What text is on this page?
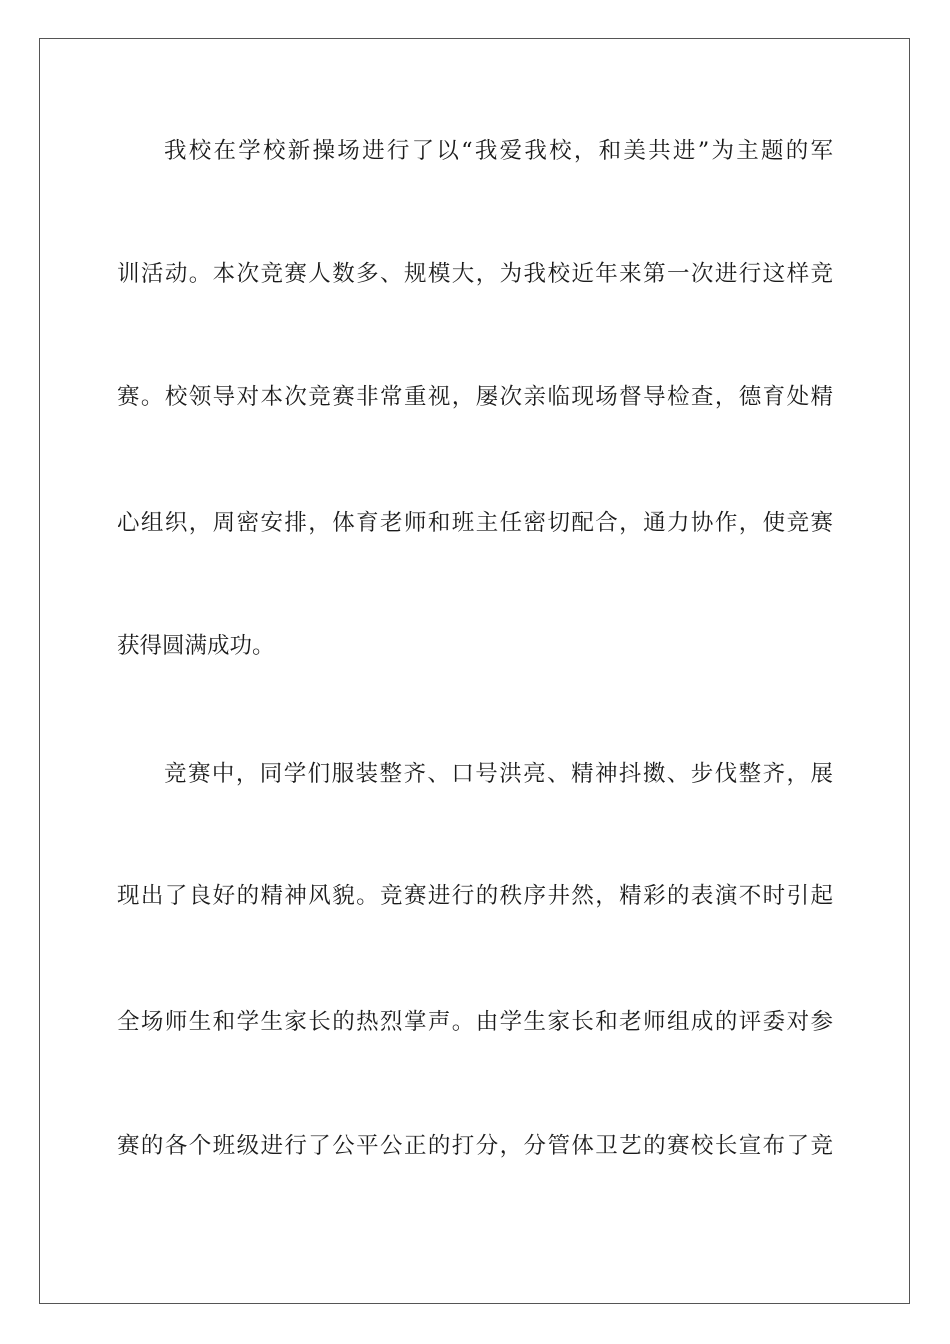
我校在学校新操场进行了以“我爱我校，和美共进”为主题的军
训活动。本次竞赛人数多、规模大，为我校近年来第一次进行这样竞
赛。校领导对本次竞赛非常重视，屡次亲临现场督导检查，德育处精
心组织，周密安排，体育老师和班主任密切配合，通力协作，使竞赛
获得圆满成功。
竞赛中，同学们服装整齐、口号洪亮、精神抖擞、步伐整齐，展
现出了良好的精神风貌。竞赛进行的秩序井然，精彩的表演不时引起
全场师生和学生家长的热烈掌声。由学生家长和老师组成的评委对参
赛的各个班级进行了公平公正的打分，分管体卫艺的赛校长宣布了竞
